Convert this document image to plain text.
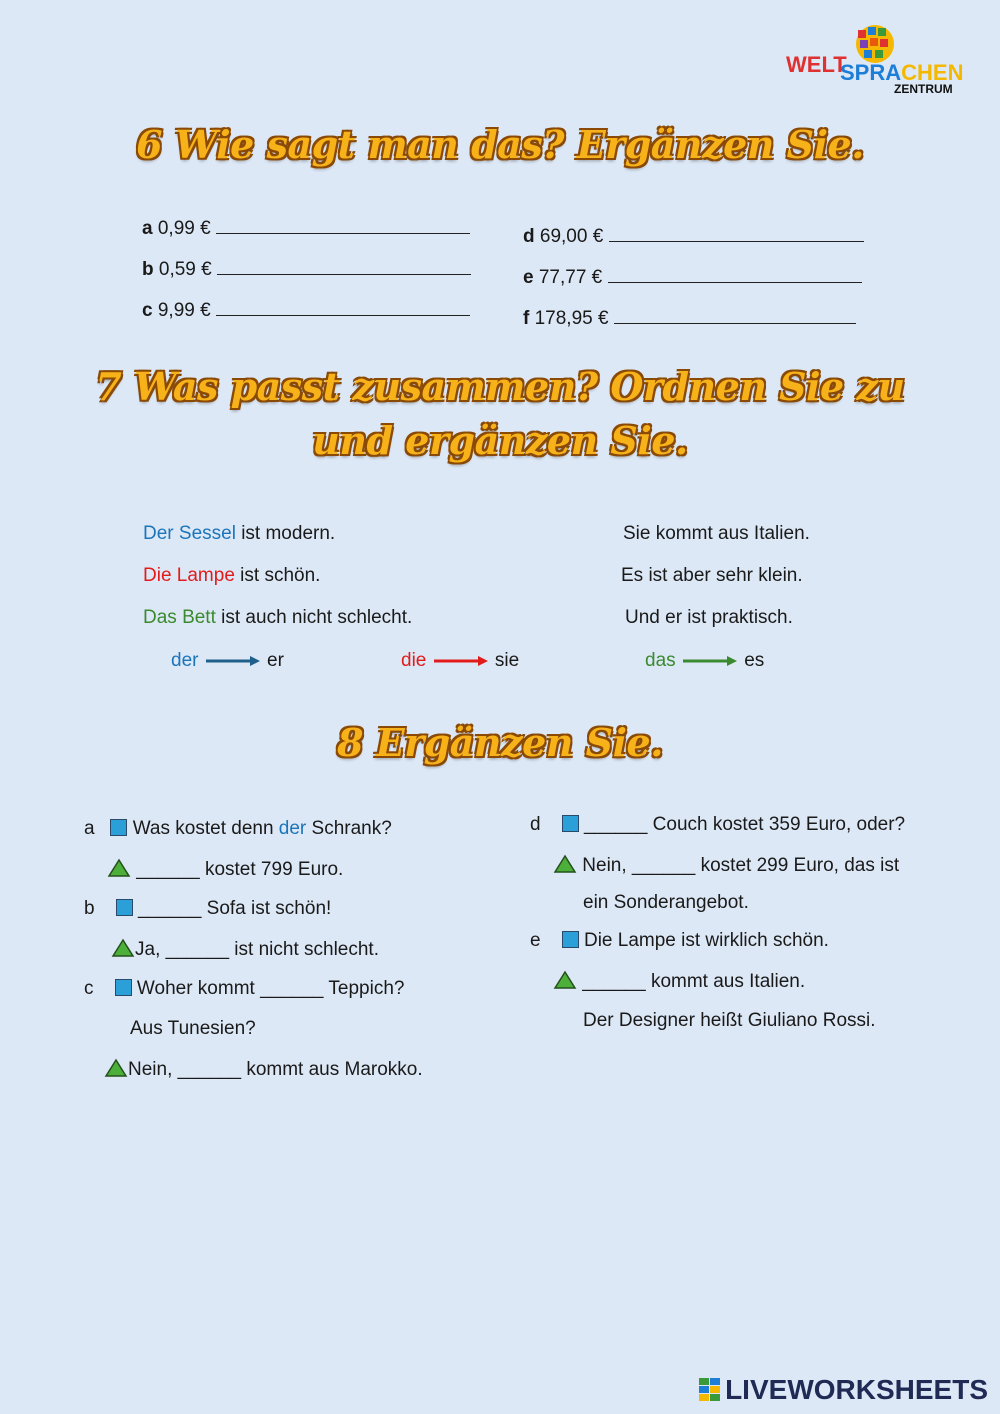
WELT
SPRACHEN
ZENTRUM
6 Wie sagt man das? Ergänzen Sie.
a 0,99 €
b 0,59 €
c 9,99 €
d 69,00 €
e 77,77 €
f 178,95 €
7 Was passt zusammen? Ordnen Sie zu
und ergänzen Sie.
Der Sessel ist modern.
Die Lampe ist schön.
Das Bett ist auch nicht schlecht.
Sie kommt aus Italien.
Es ist aber sehr klein.
Und er ist praktisch.
der	er	die	sie	das	es
8 Ergänzen Sie.
a Was kostet denn der Schrank?
______ kostet 799 Euro.
b ______ Sofa ist schön!
Ja, ______ ist nicht schlecht.
c Woher kommt ______ Teppich?
Aus Tunesien?
Nein, ______ kommt aus Marokko.
d ______ Couch kostet 359 Euro, oder?
Nein, ______ kostet 299 Euro, das ist
ein Sonderangebot.
e Die Lampe ist wirklich schön.
______ kommt aus Italien.
Der Designer heißt Giuliano Rossi.
LIVEWORKSHEETS
